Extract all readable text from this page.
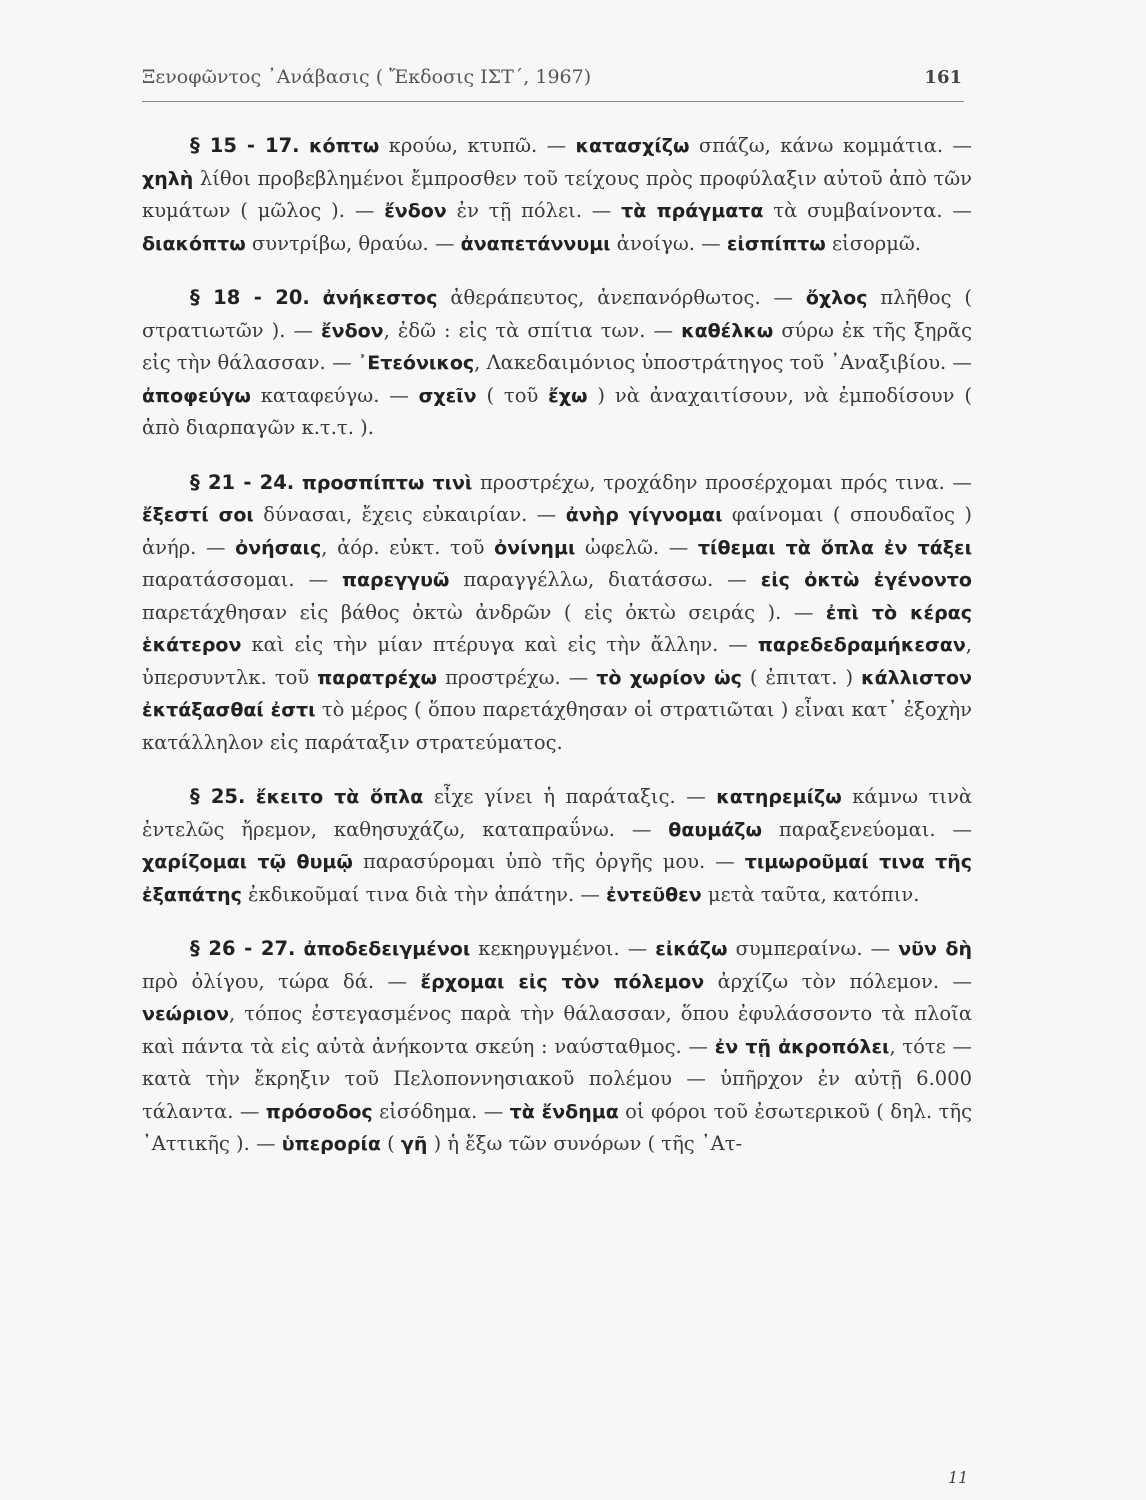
Ξενοφῶντος ᾿Ανάβασις ( Ἔκδοσις ΙΣΤ΄, 1967)	161

§ 15 - 17. κόπτω κρούω, κτυπῶ. — κατασχίζω σπάζω, κάνω κομμάτια. — χηλὴ λίθοι προβεβλημένοι ἔμπροσθεν τοῦ τείχους πρὸς προφύλαξιν αὐτοῦ ἀπὸ τῶν κυμάτων ( μῶλος ). — ἔνδον ἐν τῇ πόλει. — τὰ πράγματα τὰ συμβαίνοντα. — διακόπτω συντρίβω, θραύω. — ἀναπετάννυμι ἀνοίγω. — εἰσπίπτω εἰσορμῶ.

§ 18 - 20. ἀνήκεστος ἀθεράπευτος, ἀνεπανόρθωτος. — ὄχλος πλῆθος ( στρατιωτῶν ). — ἔνδον, ἐδῶ : εἰς τὰ σπίτια των. — καθέλκω σύρω ἐκ τῆς ξηρᾶς εἰς τὴν θάλασσαν. — ᾿Ετεόνικος, Λακεδαιμόνιος ὑποστράτηγος τοῦ ᾿Αναξιβίου. — ἀποφεύγω καταφεύγω. — σχεῖν ( τοῦ ἔχω ) νὰ ἀναχαιτίσουν, νὰ ἐμποδίσουν ( ἀπὸ διαρπαγῶν κ.τ.τ. ).

§ 21 - 24. προσπίπτω τινὶ προστρέχω, τροχάδην προσέρχομαι πρός τινα. — ἔξεστί σοι δύνασαι, ἔχεις εὐκαιρίαν. — ἀνὴρ γίγνομαι φαίνομαι ( σπουδαῖος ) ἀνήρ. — ὀνήσαις, ἀόρ. εὐκτ. τοῦ ὀνίνημι ὠφελῶ. — τίθεμαι τὰ ὅπλα ἐν τάξει παρατάσσομαι. — παρεγγυῶ παραγγέλλω, διατάσσω. — εἰς ὀκτὼ ἐγένοντο παρετάχθησαν εἰς βάθος ὀκτὼ ἀνδρῶν ( εἰς ὀκτὼ σειράς ). — ἐπὶ τὸ κέρας ἑκάτερον καὶ εἰς τὴν μίαν πτέρυγα καὶ εἰς τὴν ἄλλην. — παρεδεδραμήκεσαν, ὑπερσυντλκ. τοῦ παρατρέχω προστρέχω. — τὸ χωρίον ὡς ( ἐπιτατ. ) κάλλιστον ἐκτάξασθαί ἐστι τὸ μέρος ( ὅπου παρετάχθησαν οἱ στρατιῶται ) εἶναι κατ᾿ ἐξοχὴν κατάλληλον εἰς παράταξιν στρατεύματος.

§ 25. ἔκειτο τὰ ὅπλα εἶχε γίνει ἡ παράταξις. — κατηρεμίζω κάμνω τινὰ ἐντελῶς ἤρεμον, καθησυχάζω, καταπραΰνω. — θαυμάζω παραξενεύομαι. — χαρίζομαι τῷ θυμῷ παρασύρομαι ὑπὸ τῆς ὀργῆς μου. — τιμωροῦμαί τινα τῆς ἐξαπάτης ἐκδικοῦμαί τινα διὰ τὴν ἀπάτην. — ἐντεῦθεν μετὰ ταῦτα, κατόπιν.

§ 26 - 27. ἀποδεδειγμένοι κεκηρυγμένοι. — εἰκάζω συμπεραίνω. — νῦν δὴ πρὸ ὀλίγου, τώρα δά. — ἔρχομαι εἰς τὸν πόλεμον ἀρχίζω τὸν πόλεμον. — νεώριον, τόπος ἐστεγασμένος παρὰ τὴν θάλασσαν, ὅπου ἐφυλάσσοντο τὰ πλοῖα καὶ πάντα τὰ εἰς αὐτὰ ἀνήκοντα σκεύη : ναύσταθμος. — ἐν τῇ ἀκροπόλει, τότε — κατὰ τὴν ἔκρηξιν τοῦ Πελοποννησιακοῦ πολέμου — ὑπῆρχον ἐν αὐτῇ 6.000 τάλαντα. — πρόσοδος εἰσόδημα. — τὰ ἔνδημα οἱ φόροι τοῦ ἐσωτερικοῦ ( δηλ. τῆς ᾿Αττικῆς ). — ὑπερορία ( γῆ ) ἡ ἔξω τῶν συνόρων ( τῆς ᾿Ατ-

11
